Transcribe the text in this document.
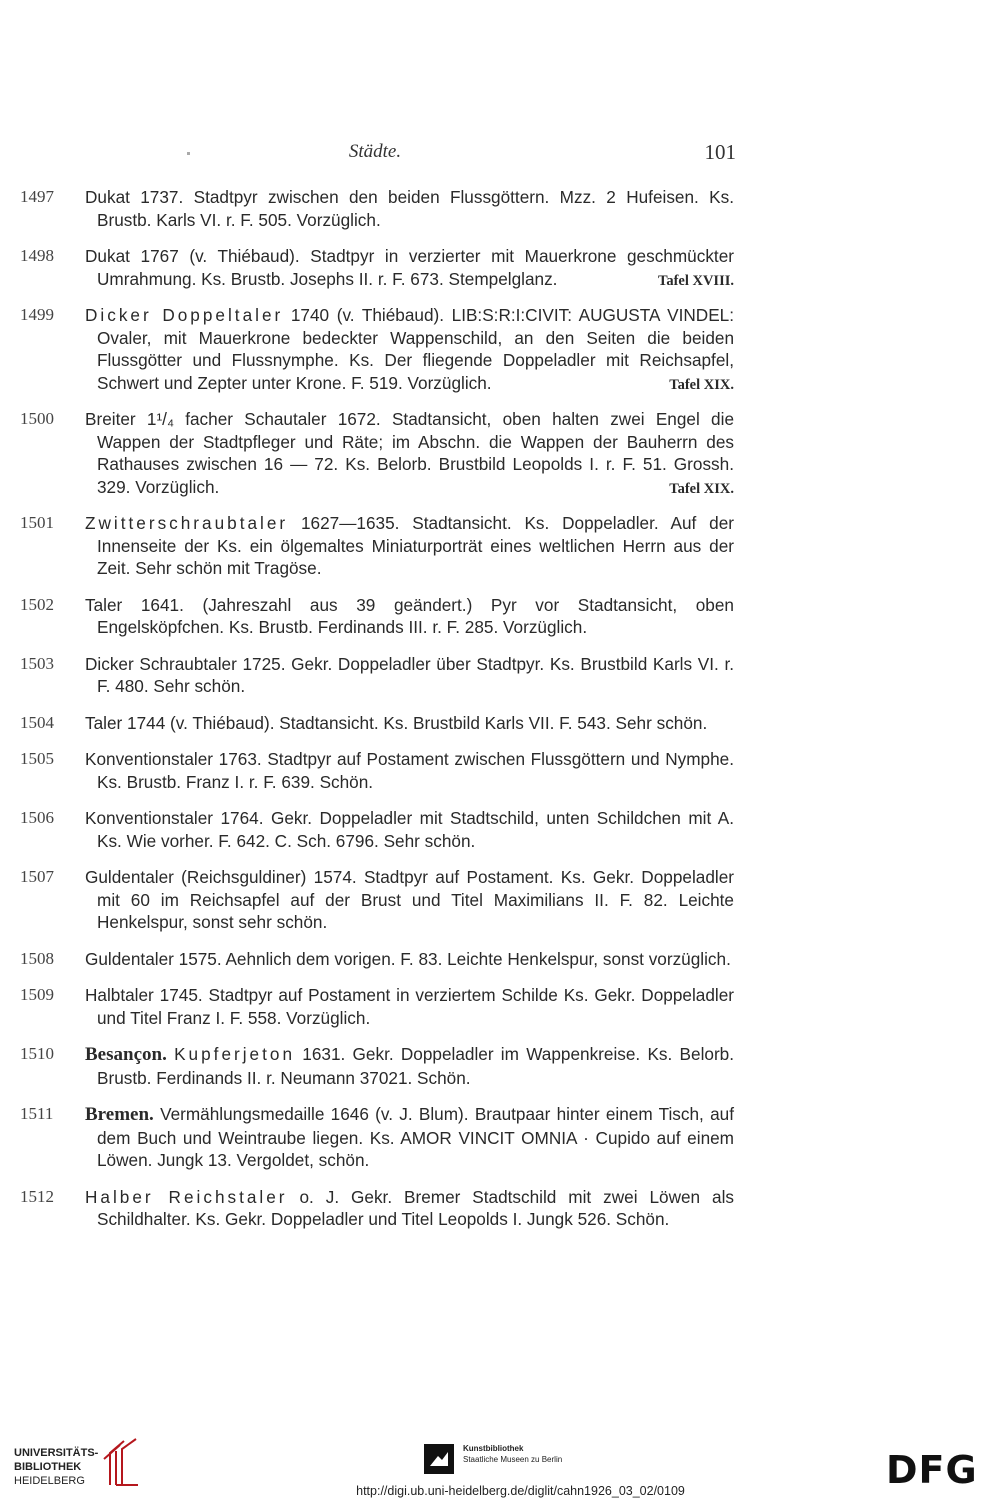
Städte.	101
1497 Dukat 1737. Stadtpyr zwischen den beiden Flussgöttern. Mzz. 2 Hufeisen. Ks. Brustb. Karls VI. r. F. 505. Vorzüglich.
1498 Dukat 1767 (v. Thiébaud). Stadtpyr in verzierter mit Mauerkrone geschmückter Umrahmung. Ks. Brustb. Josephs II. r. F. 673. Stempelglanz.	Tafel XVIII.
1499 Dicker Doppeltaler 1740 (v. Thiébaud). LIB:S:R:I:CIVIT: AUGUSTA VINDEL: Ovaler, mit Mauerkrone bedeckter Wappenschild, an den Seiten die beiden Flussgötter und Flussnymphe. Ks. Der fliegende Doppeladler mit Reichsapfel, Schwert und Zepter unter Krone. F. 519. Vorzüglich.	Tafel XIX.
1500 Breiter 1¹/₄ facher Schautaler 1672. Stadtansicht, oben halten zwei Engel die Wappen der Stadtpfleger und Räte; im Abschn. die Wappen der Bauherrn des Rathauses zwischen 16 — 72. Ks. Belorb. Brustbild Leopolds I. r. F. 51. Grossh. 329. Vorzüglich.	Tafel XIX.
1501 Zwitterschraubtaler 1627—1635. Stadtansicht. Ks. Doppeladler. Auf der Innenseite der Ks. ein ölgemaltes Miniaturporträt eines weltlichen Herrn aus der Zeit. Sehr schön mit Tragöse.
1502 Taler 1641. (Jahreszahl aus 39 geändert.) Pyr vor Stadtansicht, oben Engelsköpfchen. Ks. Brustb. Ferdinands III. r. F. 285. Vorzüglich.
1503 Dicker Schraubtaler 1725. Gekr. Doppeladler über Stadtpyr. Ks. Brustbild Karls VI. r. F. 480. Sehr schön.
1504 Taler 1744 (v. Thiébaud). Stadtansicht. Ks. Brustbild Karls VII. F. 543. Sehr schön.
1505 Konventionstaler 1763. Stadtpyr auf Postament zwischen Flussgöttern und Nymphe. Ks. Brustb. Franz I. r. F. 639. Schön.
1506 Konventionstaler 1764. Gekr. Doppeladler mit Stadtschild, unten Schildchen mit A. Ks. Wie vorher. F. 642. C. Sch. 6796. Sehr schön.
1507 Guldentaler (Reichsguldiner) 1574. Stadtpyr auf Postament. Ks. Gekr. Doppeladler mit 60 im Reichsapfel auf der Brust und Titel Maximilians II. F. 82. Leichte Henkelspur, sonst sehr schön.
1508 Guldentaler 1575. Aehnlich dem vorigen. F. 83. Leichte Henkelspur, sonst vorzüglich.
1509 Halbtaler 1745. Stadtpyr auf Postament in verziertem Schilde Ks. Gekr. Doppeladler und Titel Franz I. F. 558. Vorzüglich.
1510 Besançon. Kupferjeton 1631. Gekr. Doppeladler im Wappenkreise. Ks. Belorb. Brustb. Ferdinands II. r. Neumann 37021. Schön.
1511 Bremen. Vermählungsmedaille 1646 (v. J. Blum). Brautpaar hinter einem Tisch, auf dem Buch und Weintraube liegen. Ks. AMOR VINCIT OMNIA · Cupido auf einem Löwen. Jungk 13. Vergoldet, schön.
1512 Halber Reichstaler o. J. Gekr. Bremer Stadtschild mit zwei Löwen als Schildhalter. Ks. Gekr. Doppeladler und Titel Leopolds I. Jungk 526. Schön.
UNIVERSITÄTS-
BIBLIOTHEK
HEIDELBERG
Kunstbibliothek
Staatliche Museen zu Berlin	DFG
http://digi.ub.uni-heidelberg.de/diglit/cahn1926_03_02/0109
